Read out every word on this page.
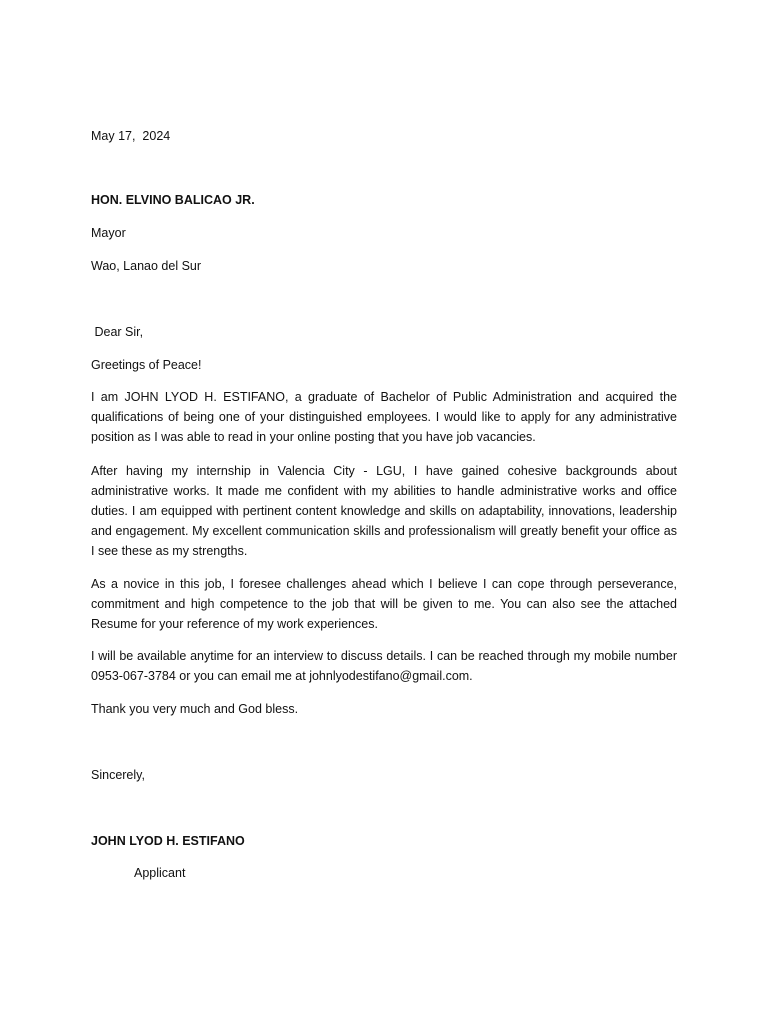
May 17,  2024
HON. ELVINO BALICAO JR.
Mayor
Wao, Lanao del Sur
Dear Sir,
Greetings of Peace!
I am JOHN LYOD H. ESTIFANO, a graduate of Bachelor of Public Administration and acquired the qualifications of being one of your distinguished employees. I would like to apply for any administrative position as I was able to read in your online posting that you have job vacancies.
After having my internship in Valencia City - LGU, I have gained cohesive backgrounds about administrative works. It made me confident with my abilities to handle administrative works and office duties. I am equipped with pertinent content knowledge and skills on adaptability, innovations, leadership and engagement. My excellent communication skills and professionalism will greatly benefit your office as I see these as my strengths.
As a novice in this job, I foresee challenges ahead which I believe I can cope through perseverance, commitment and high competence to the job that will be given to me. You can also see the attached Resume for your reference of my work experiences.
I will be available anytime for an interview to discuss details. I can be reached through my mobile number 0953-067-3784 or you can email me at johnlyodestifano@gmail.com.
Thank you very much and God bless.
Sincerely,
JOHN LYOD H. ESTIFANO
Applicant
